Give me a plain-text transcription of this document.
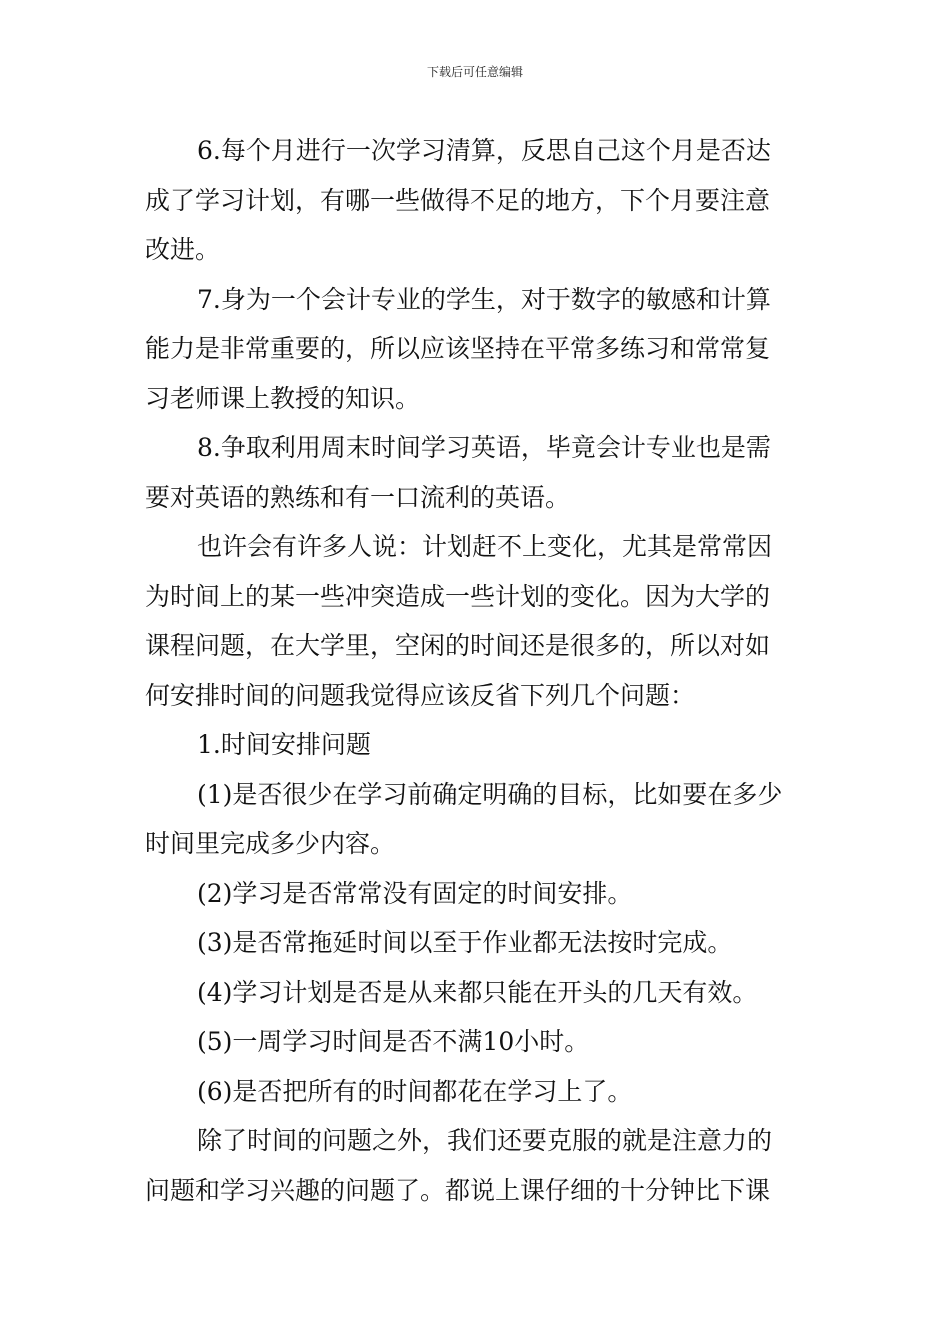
下载后可任意编辑
6.每个月进行一次学习清算，反思自己这个月是否达
成了学习计划，有哪一些做得不足的地方，下个月要注意
改进。
7.身为一个会计专业的学生，对于数字的敏感和计算
能力是非常重要的，所以应该坚持在平常多练习和常常复
习老师课上教授的知识。
8.争取利用周末时间学习英语，毕竟会计专业也是需
要对英语的熟练和有一口流利的英语。
也许会有许多人说：计划赶不上变化，尤其是常常因
为时间上的某一些冲突造成一些计划的变化。因为大学的
课程问题，在大学里，空闲的时间还是很多的，所以对如
何安排时间的问题我觉得应该反省下列几个问题：
1.时间安排问题
(1)是否很少在学习前确定明确的目标，比如要在多少
时间里完成多少内容。
(2)学习是否常常没有固定的时间安排。
(3)是否常拖延时间以至于作业都无法按时完成。
(4)学习计划是否是从来都只能在开头的几天有效。
(5)一周学习时间是否不满10小时。
(6)是否把所有的时间都花在学习上了。
除了时间的问题之外，我们还要克服的就是注意力的
问题和学习兴趣的问题了。都说上课仔细的十分钟比下课
